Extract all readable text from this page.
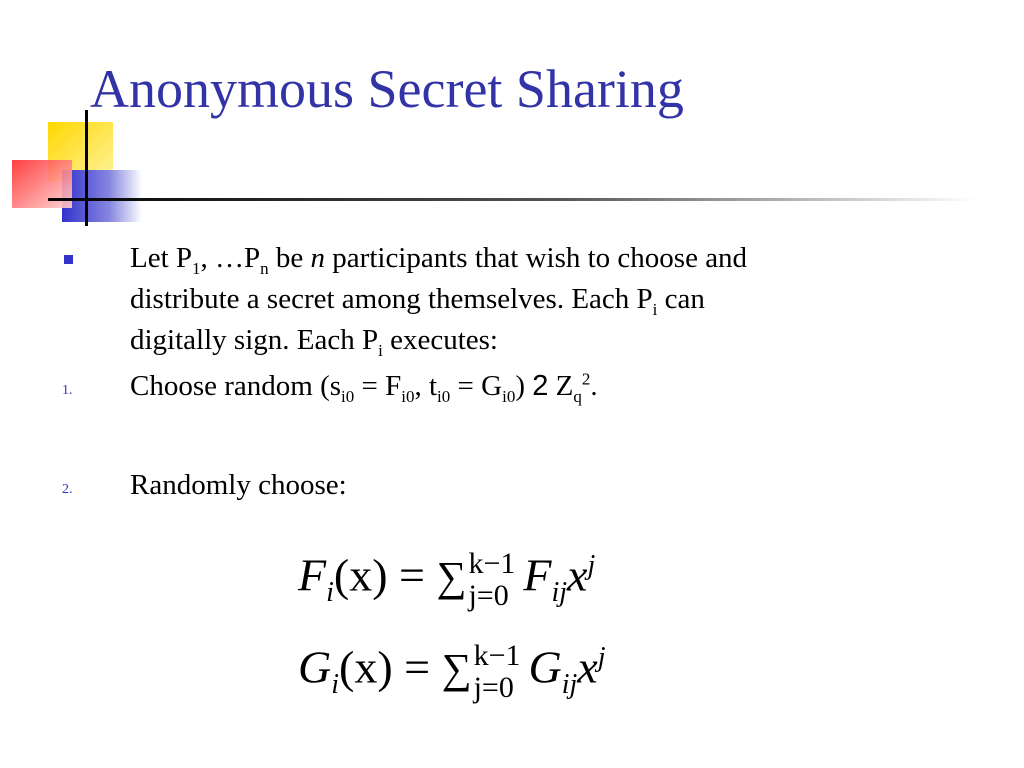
Anonymous Secret Sharing
Let $P_1$, $\dots P_n$ be n participants that wish to choose and
distribute a secret among themselves. Each $P_i$ can
digitally sign. Each $P_i$ executes:
1. Choose random ($s_{i0} = F_{i0}$, $t_{i0} = G_{i0}$) 2 $Z_q^2$.
2. Randomly choose:
$F_i(x)$ = ∑ k−1
j=0 $F_{ij}x^j$
$G_i(x)$ = ∑ k−1
j=0 $G_{ij}x^j$
